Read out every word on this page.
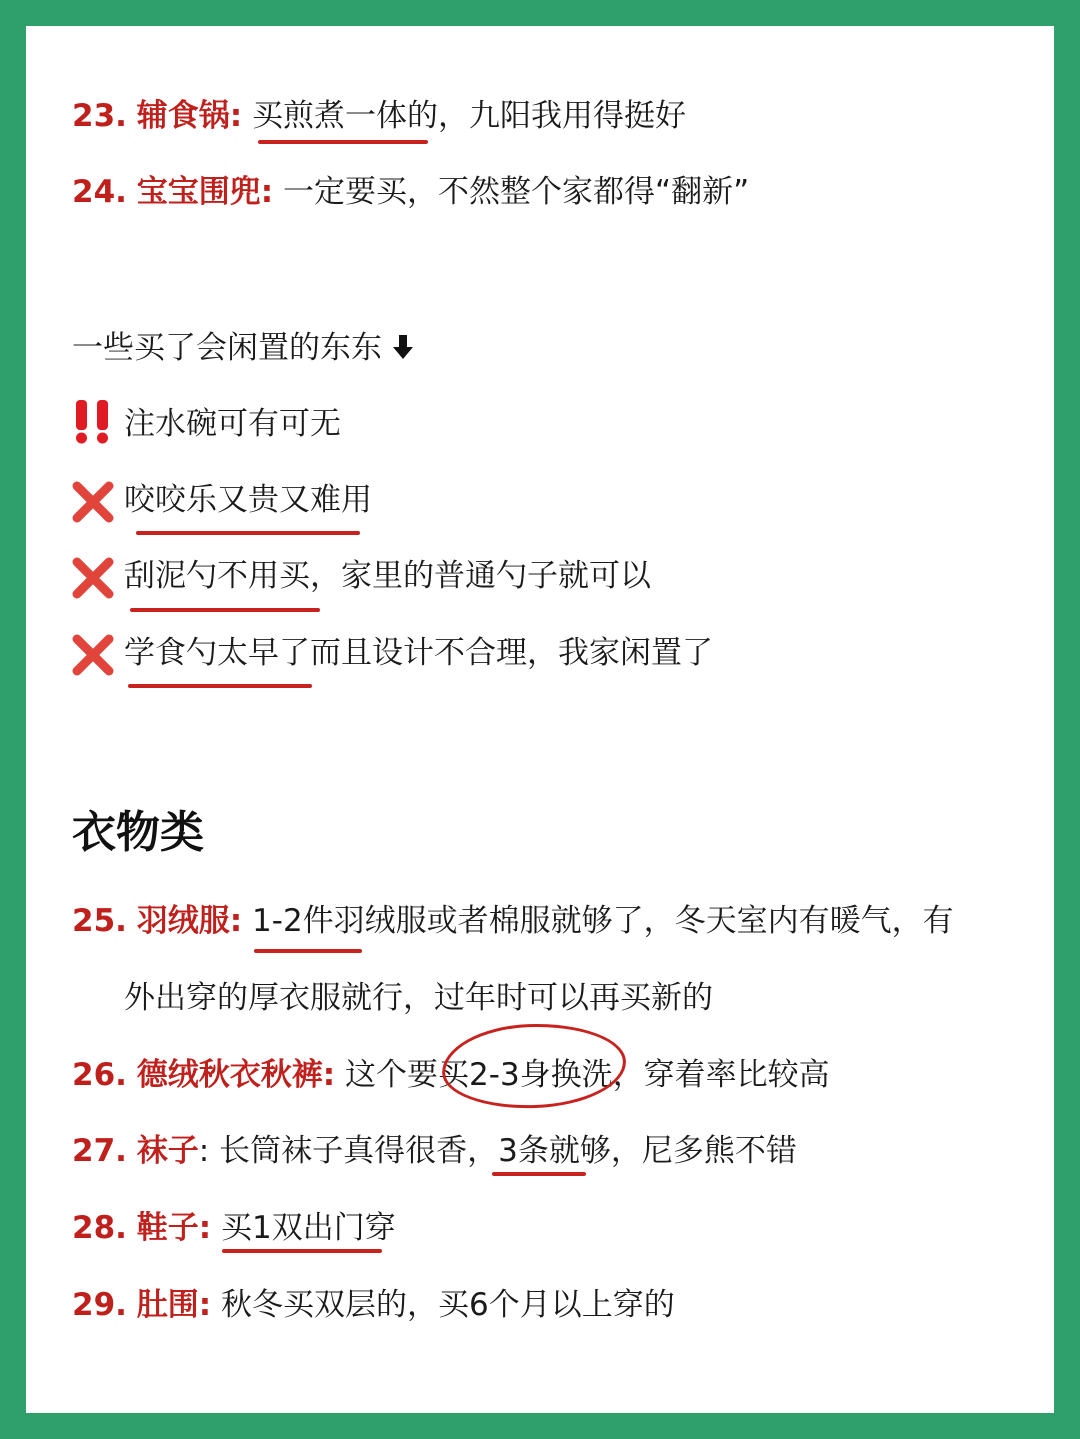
23. 辅食锅: 买煎煮一体的，九阳我用得挺好
24. 宝宝围兜: 一定要买，不然整个家都得“翻新”
一些买了会闲置的东东
注水碗可有可无
咬咬乐又贵又难用
刮泥勺不用买，家里的普通勺子就可以
学食勺太早了而且设计不合理，我家闲置了
衣物类
25. 羽绒服: 1-2件羽绒服或者棉服就够了，冬天室内有暖气，有
外出穿的厚衣服就行，过年时可以再买新的
26. 德绒秋衣秋裤: 这个要买2-3身换洗，穿着率比较高
27. 袜子: 长筒袜子真得很香，3条就够，尼多熊不错
28. 鞋子: 买1双出门穿
29. 肚围: 秋冬买双层的，买6个月以上穿的
